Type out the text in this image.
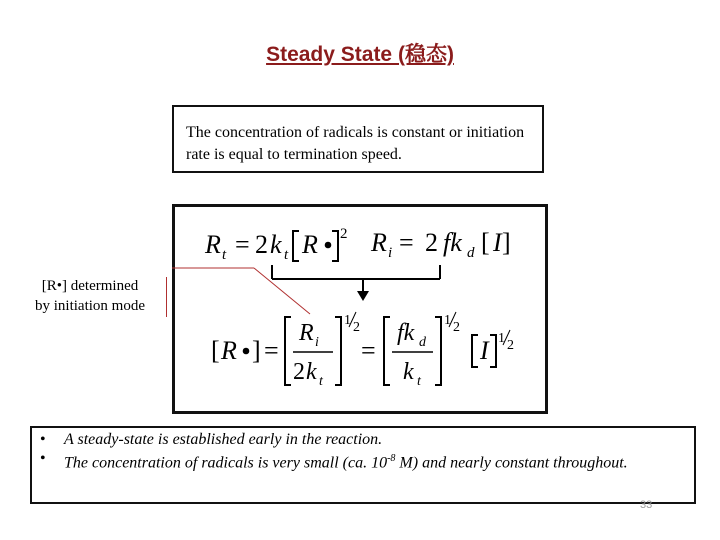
Steady State (稳态)
The concentration of radicals is constant or initiation rate is equal to termination speed.
R t = 2 k t R 2 R i = 2 fk d [ I ]
[ R ] =
R i
2 k t
1 2
=
fk d
k t
1 2
I 1 2
[R•] determined
by initiation mode
• A steady-state is established early in the reaction.
• The concentration of radicals is very small (ca. $10^{-8}$ M) and nearly constant throughout.
33
